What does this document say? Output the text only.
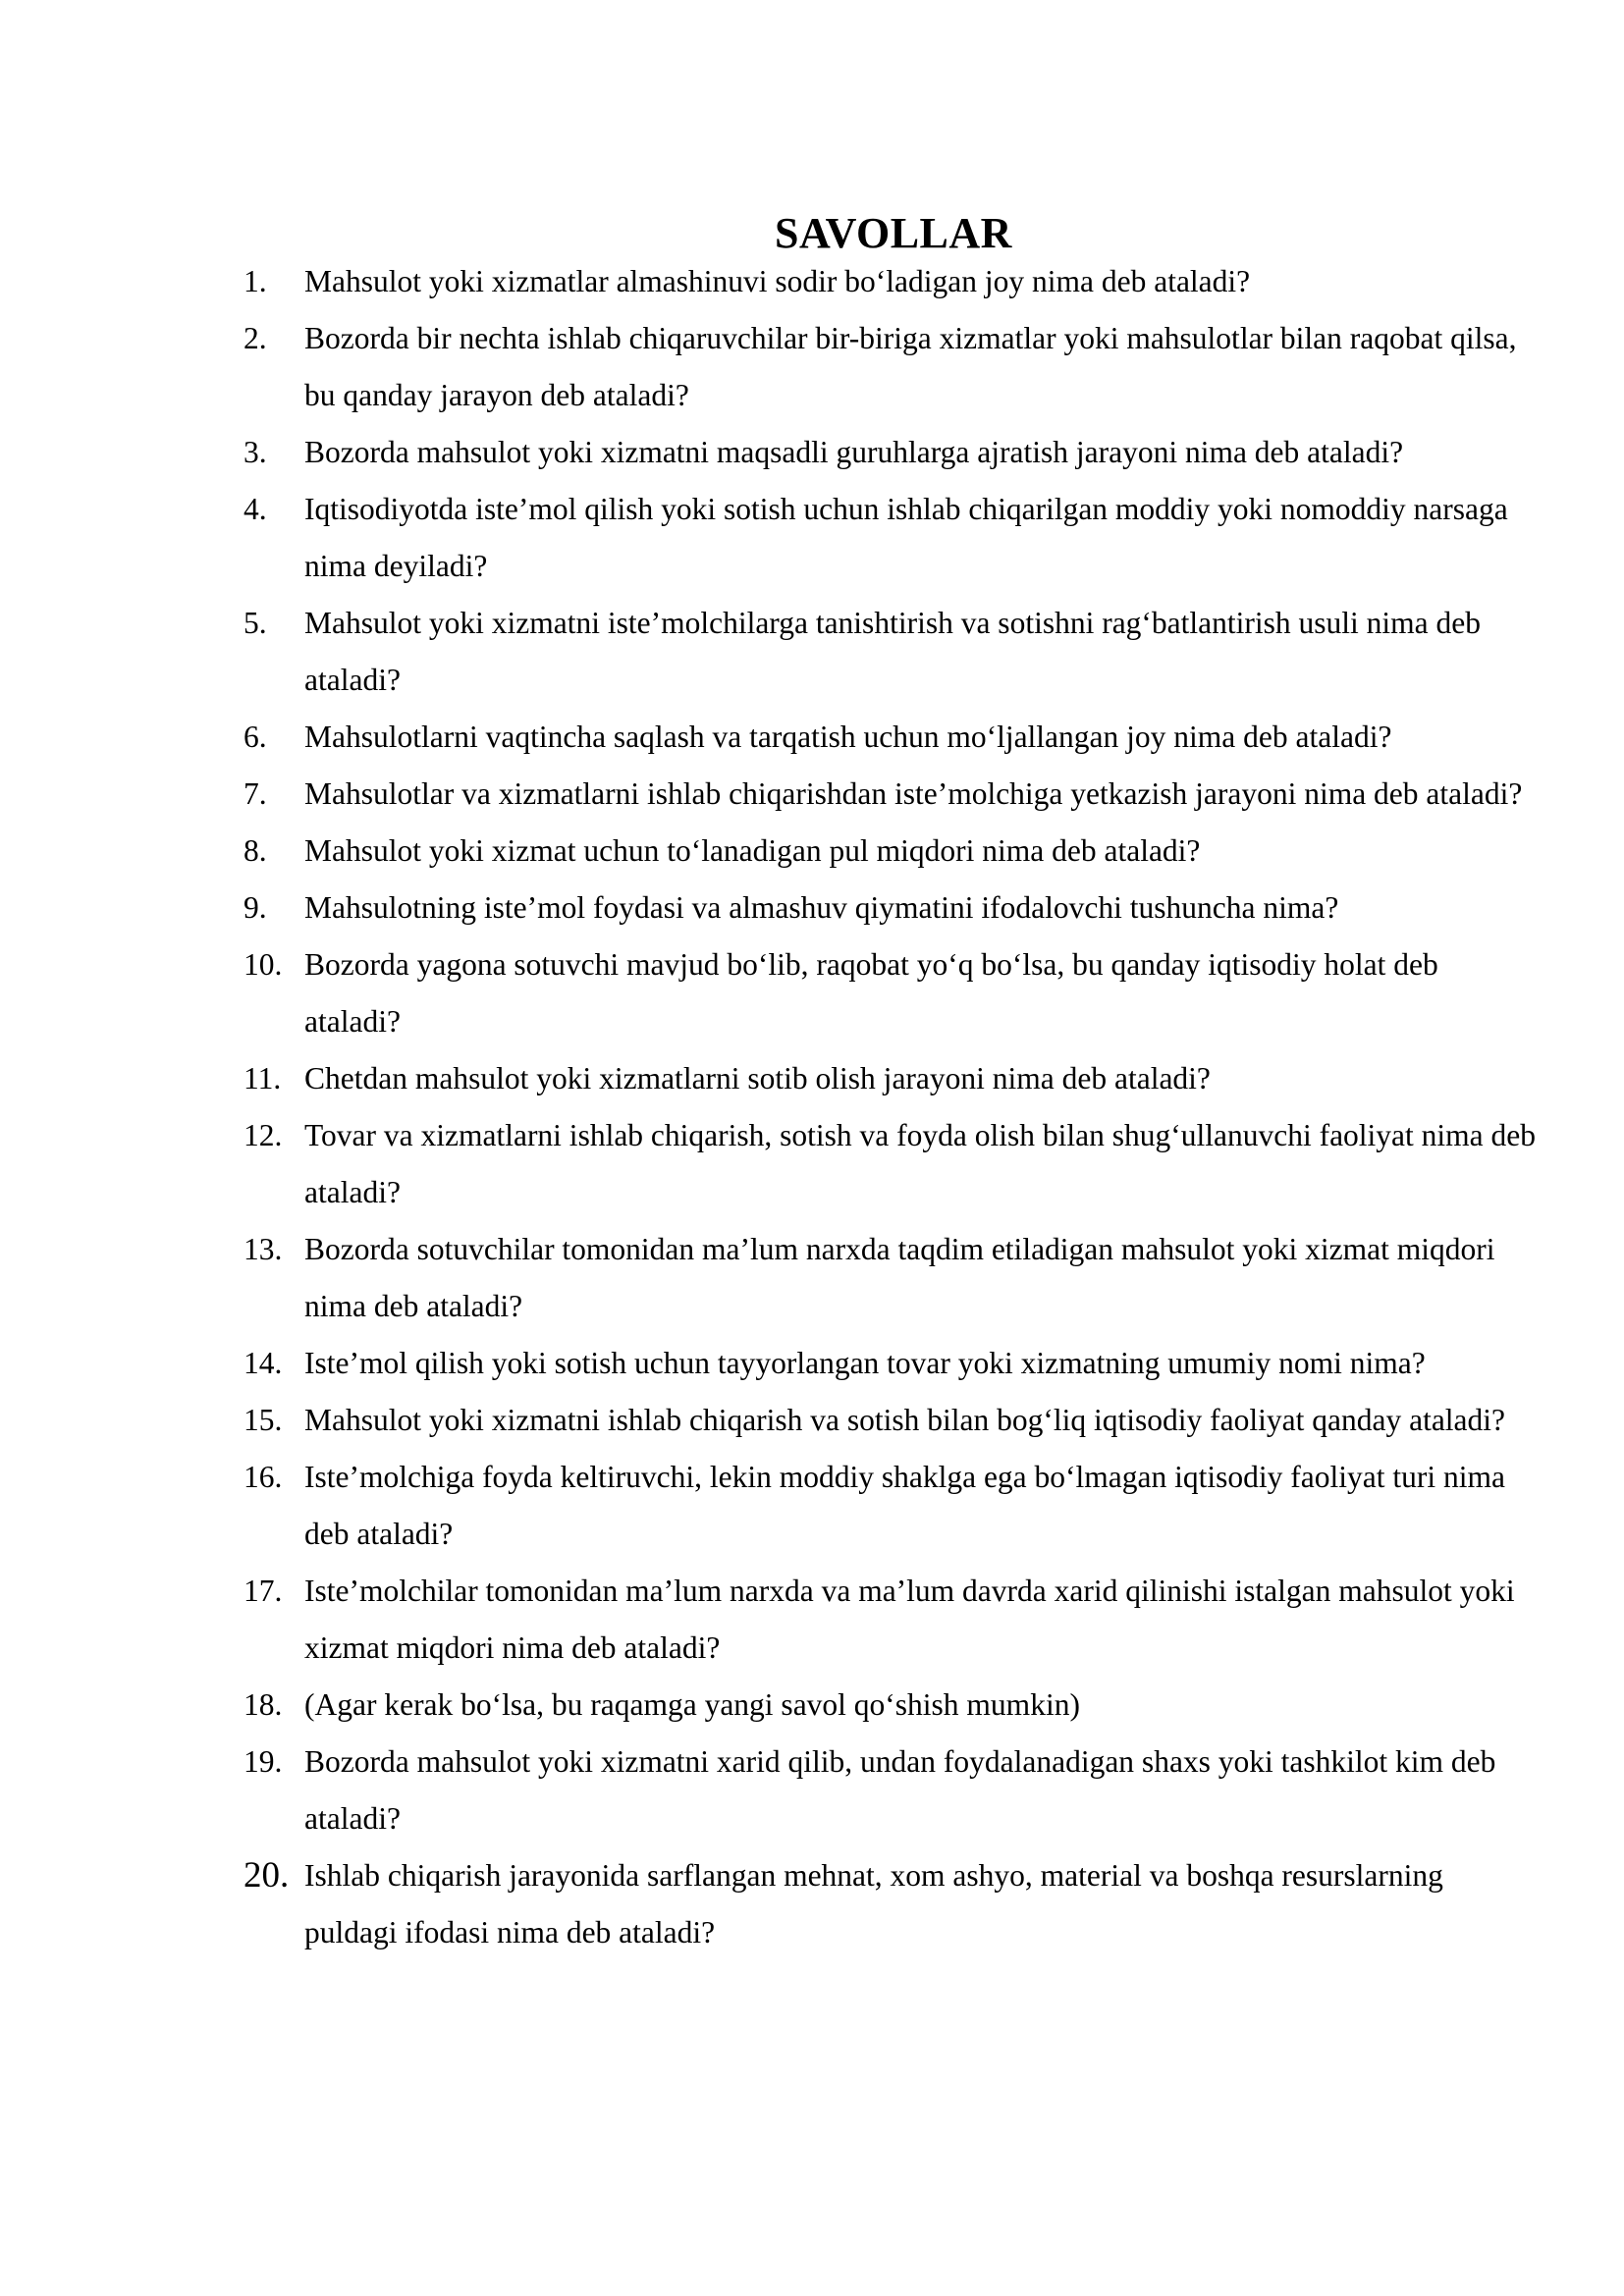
SAVOLLAR
1.	Mahsulot yoki xizmatlar almashinuvi sodir bo‘ladigan joy nima deb ataladi?
2.	Bozorda bir nechta ishlab chiqaruvchilar bir-biriga xizmatlar yoki mahsulotlar bilan raqobat qilsa, bu qanday jarayon deb ataladi?
3.	Bozorda mahsulot yoki xizmatni maqsadli guruhlarga ajratish jarayoni nima deb ataladi?
4.	Iqtisodiyotda iste’mol qilish yoki sotish uchun ishlab chiqarilgan moddiy yoki nomoddiy narsaga nima deyiladi?
5.	Mahsulot yoki xizmatni iste’molchilarga tanishtirish va sotishni rag‘batlantirish usuli nima deb ataladi?
6.	Mahsulotlarni vaqtincha saqlash va tarqatish uchun mo‘ljallangan joy nima deb ataladi?
7.	Mahsulotlar va xizmatlarni ishlab chiqarishdan iste’molchiga yetkazish jarayoni nima deb ataladi?
8.	Mahsulot yoki xizmat uchun to‘lanadigan pul miqdori nima deb ataladi?
9.	Mahsulotning iste’mol foydasi va almashuv qiymatini ifodalovchi tushuncha nima?
10. Bozorda yagona sotuvchi mavjud bo‘lib, raqobat yo‘q bo‘lsa, bu qanday iqtisodiy holat deb ataladi?
11. Chetdan mahsulot yoki xizmatlarni sotib olish jarayoni nima deb ataladi?
12. Tovar va xizmatlarni ishlab chiqarish, sotish va foyda olish bilan shug‘ullanuvchi faoliyat nima deb ataladi?
13. Bozorda sotuvchilar tomonidan ma’lum narxda taqdim etiladigan mahsulot yoki xizmat miqdori nima deb ataladi?
14. Iste’mol qilish yoki sotish uchun tayyorlangan tovar yoki xizmatning umumiy nomi nima?
15. Mahsulot yoki xizmatni ishlab chiqarish va sotish bilan bog‘liq iqtisodiy faoliyat qanday ataladi?
16. Iste’molchiga foyda keltiruvchi, lekin moddiy shaklga ega bo‘lmagan iqtisodiy faoliyat turi nima deb ataladi?
17. Iste’molchilar tomonidan ma’lum narxda va ma’lum davrda xarid qilinishi istalgan mahsulot yoki xizmat miqdori nima deb ataladi?
18. (Agar kerak bo‘lsa, bu raqamga yangi savol qo‘shish mumkin)
19. Bozorda mahsulot yoki xizmatni xarid qilib, undan foydalanadigan shaxs yoki tashkilot kim deb ataladi?
20. Ishlab chiqarish jarayonida sarflangan mehnat, xom ashyo, material va boshqa resurslarning puldagi ifodasi nima deb ataladi?
